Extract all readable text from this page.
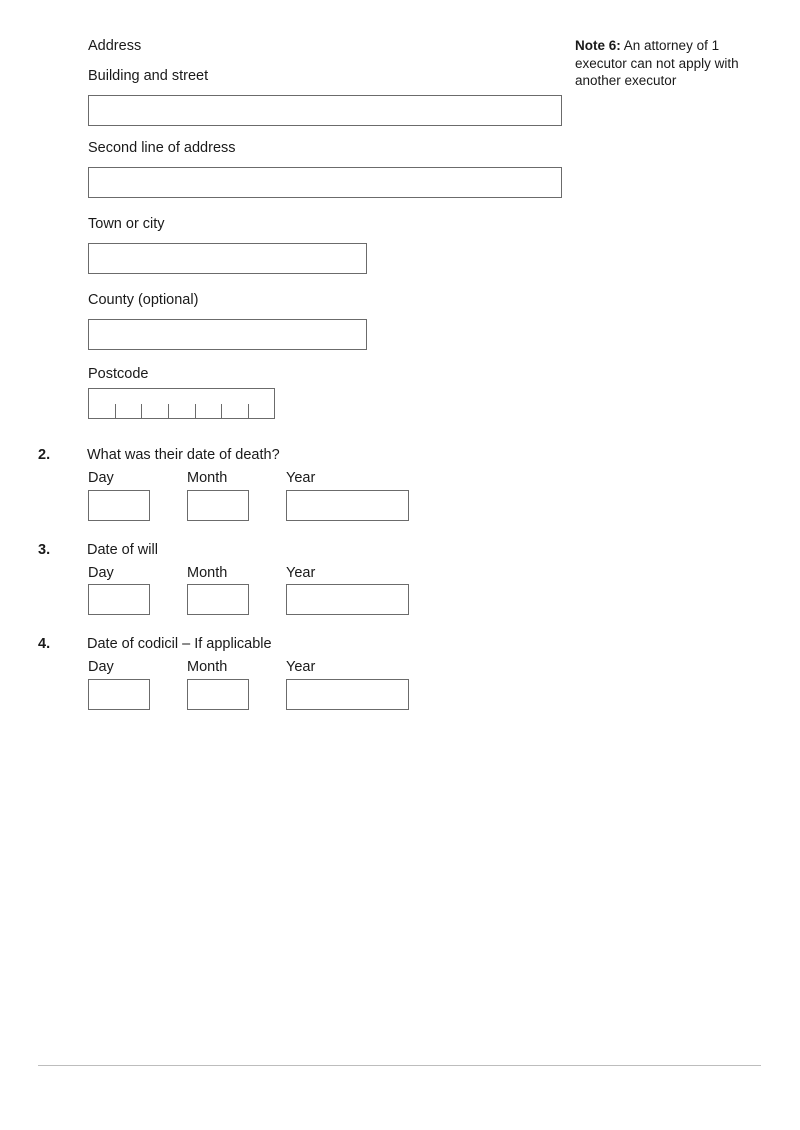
Address
Building and street
Second line of address
Town or city
County (optional)
Postcode
Note 6: An attorney of 1 executor can not apply with another executor
2.	What was their date of death?
Day	Month	Year
3.	Date of will
Day	Month	Year
4.	Date of codicil – If applicable
Day	Month	Year
